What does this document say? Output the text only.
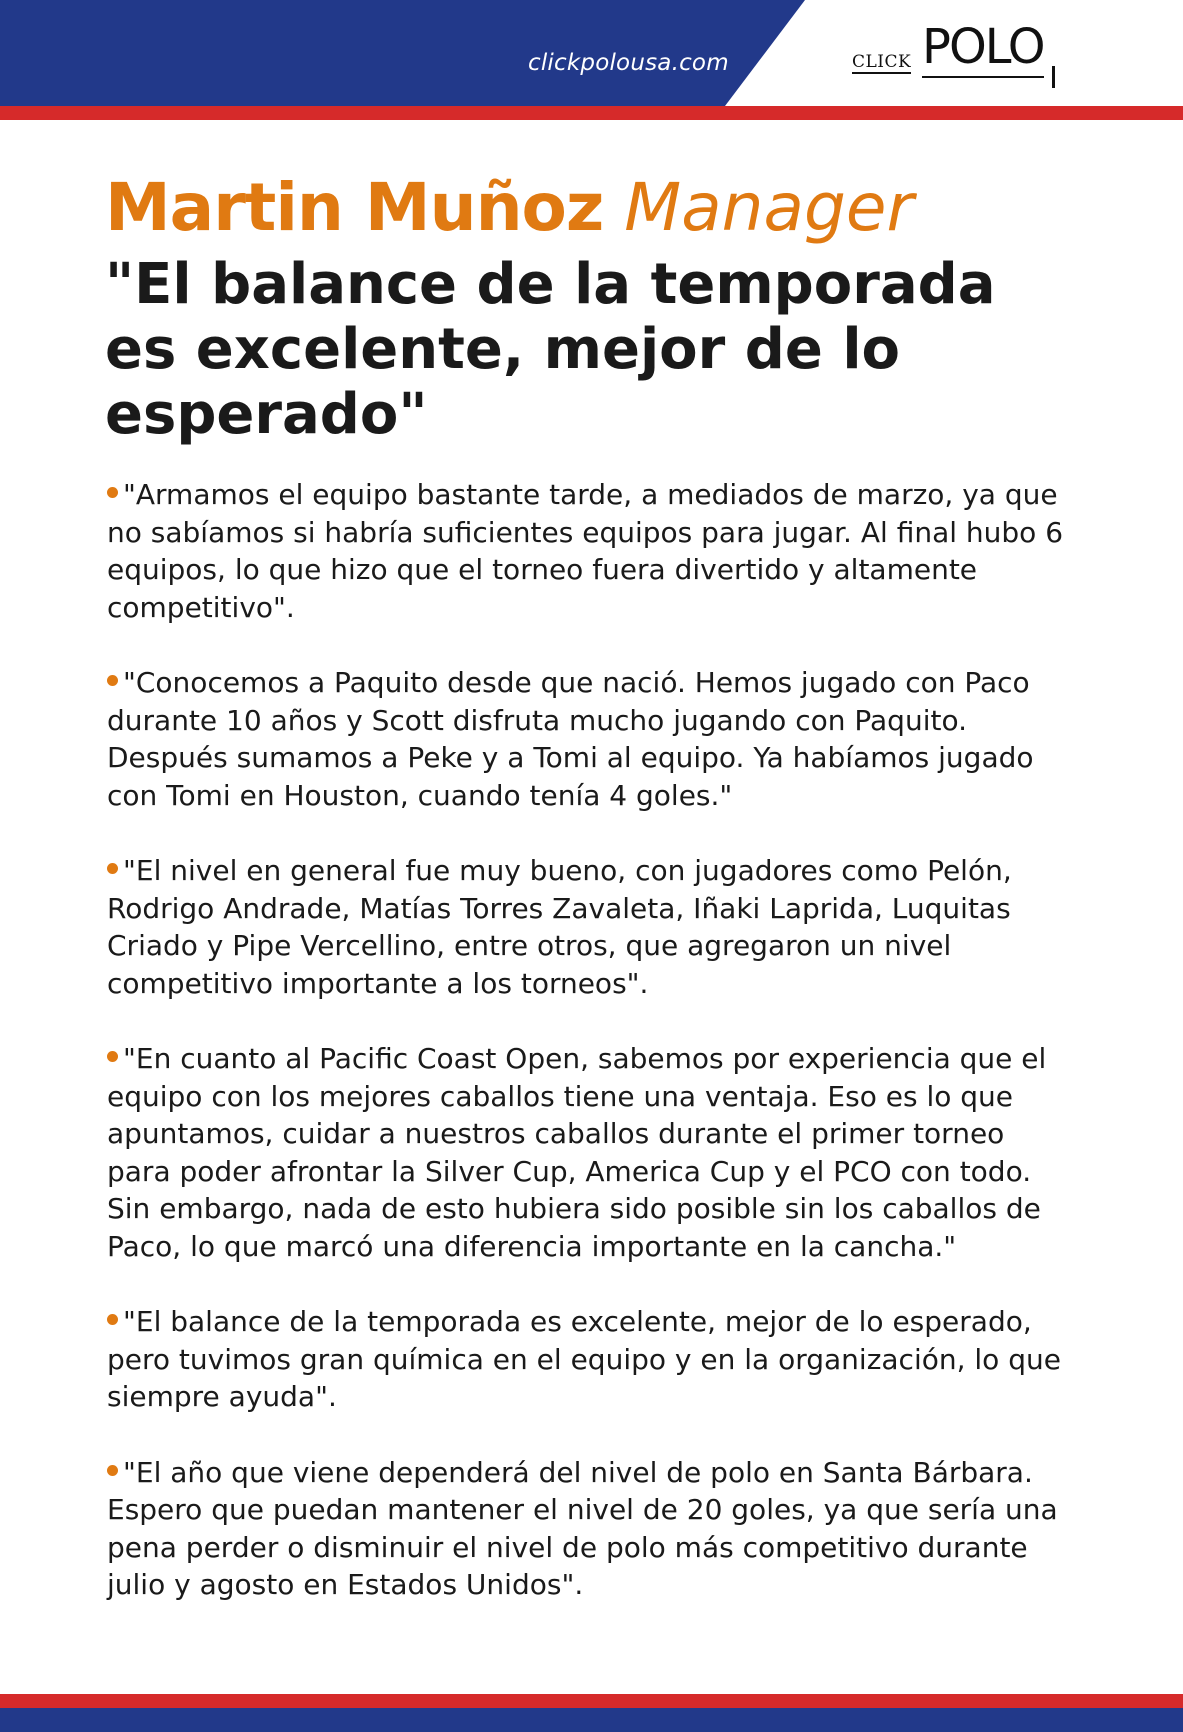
clickpolousa.com	CLICK POLO
Martin Muñoz Manager
"El balance de la temporada es excelente, mejor de lo esperado"
"Armamos el equipo bastante tarde, a mediados de marzo, ya que no sabíamos si habría suficientes equipos para jugar. Al final hubo 6 equipos, lo que hizo que el torneo fuera divertido y altamente competitivo".
"Conocemos a Paquito desde que nació. Hemos jugado con Paco durante 10 años y Scott disfruta mucho jugando con Paquito. Después sumamos a Peke y a Tomi al equipo. Ya habíamos jugado con Tomi en Houston, cuando tenía 4 goles."
"El nivel en general fue muy bueno, con jugadores como Pelón, Rodrigo Andrade, Matías Torres Zavaleta, Iñaki Laprida, Luquitas Criado y Pipe Vercellino, entre otros, que agregaron un nivel competitivo importante a los torneos".
"En cuanto al Pacific Coast Open, sabemos por experiencia que el equipo con los mejores caballos tiene una ventaja. Eso es lo que apuntamos, cuidar a nuestros caballos durante el primer torneo para poder afrontar la Silver Cup, America Cup y el PCO con todo. Sin embargo, nada de esto hubiera sido posible sin los caballos de Paco, lo que marcó una diferencia importante en la cancha."
"El balance de la temporada es excelente, mejor de lo esperado, pero tuvimos gran química en el equipo y en la organización, lo que siempre ayuda".
"El año que viene dependerá del nivel de polo en Santa Bárbara. Espero que puedan mantener el nivel de 20 goles, ya que sería una pena perder o disminuir el nivel de polo más competitivo durante julio y agosto en Estados Unidos".
